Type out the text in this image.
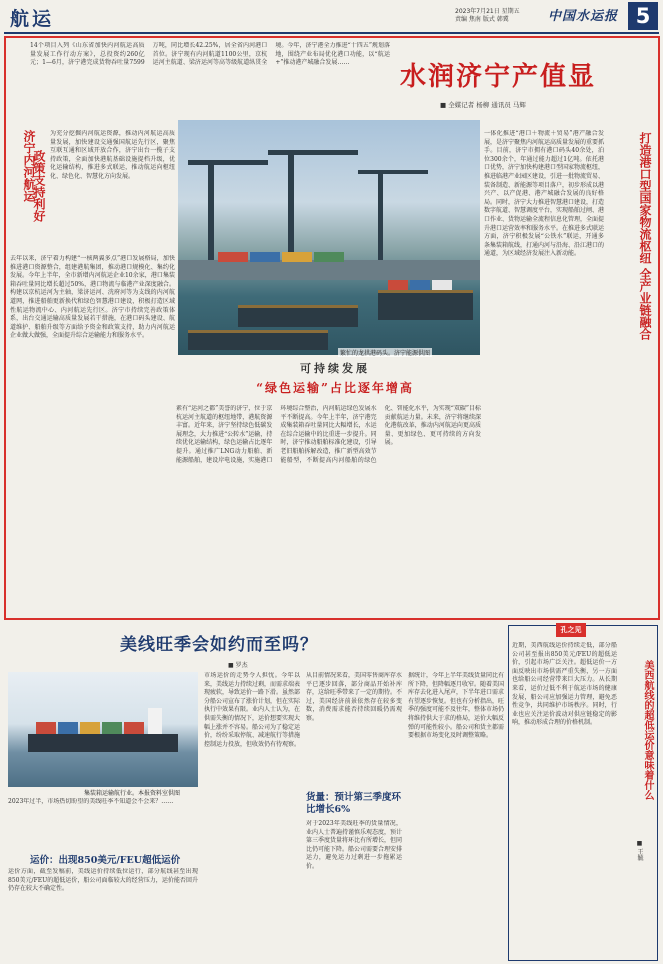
航运	2023年7月21日 星期五
责编 焦南 版式 韩冀	中国水运报 5
14个项目入列《山东省加快内河航运高质量发展工作行动方案》，总投资约260亿元；1—6月，济宁港完成货物吞吐量7599万吨，同比增长42.25%，居全省内河港口首位。济宁现有内河航道1100公里，京杭运河主航道、梁济运河等高等级航道纵贯全境。今年，济宁港全力推进“十四五”规划落地，围绕产业布局优化港口功能，以“航运+”推动港产城融合发展……	水润济宁产值显
■ 全媒记者 杨柳 通讯员 马辉
济宁内河航运
政策支持利好
为充分挖掘内河航运资源，推动内河航运高质量发展，加快建设交通强国航运先行区，聚焦互联互通和区域开放合作，济宁出台一揽子支持政策，全面加快港航基础设施提档升级，优化运输结构，推进多式联运，推动航运向枢纽化、绿色化、智慧化方向发展。
去年以来，济宁着力构建“一核两翼多点”港口发展格局，加快推进港口资源整合，组建港航集团，推动港口规模化、集约化发展。今年上半年，全市新增内河航运企业10余家，港口集装箱吞吐量同比增长超过50%，港口物流与临港产业深度融合。构建以京杭运河为主轴，梁济运河、洸府河等为支线的内河航道网，推进船舶更新换代和绿色智慧港口建设，积极打造区域性航运物流中心、内河航运先行区。济宁市持续完善政策体系，出台交通运输高质量发展若干措施，在港口码头建设、航道维护、船舶升级等方面给予资金和政策支持，助力内河航运企业做大做强，全面提升综合运输能力和服务水平。
繁忙的龙拱港码头。济宁能源供图
一体化推进“港口＋物流＋贸易”港产融合发展，是济宁聚焦内河航运高质量发展的重要抓手。目前，济宁市拥有港口码头40余处，泊位300余个，年通过能力超过1亿吨。依托港口优势，济宁加快构建港口型国家物流枢纽，推进临港产业园区建设，引进一批物流贸易、装备制造、新能源等项目落户，初步形成以港兴产、以产促港、港产城融合发展的良好格局。同时，济宁大力推进智慧港口建设，打造数字航道、智慧调度平台，实现船舶过闸、港口作业、货物运输全流程信息化管理，全面提升港口运营效率和服务水平。在推进多式联运方面，济宁积极发展“公铁水”联运，开通多条集装箱航线，打通内河与沿海、沿江港口的通道，为区域经济发展注入新动能。	打造港口型国家物流枢纽 全产业链融合
可持续发展
“绿色运输”占比逐年增高
素有“运河之都”美誉的济宁，位于京杭运河主航道的枢纽地带，港航资源丰富。近年来，济宁坚持绿色低碳发展理念，大力推进“公转水”运输，持续优化运输结构，绿色运输占比逐年提升。通过推广LNG动力船舶、新能源船舶，建设岸电设施，实施港口环境综合整治，内河航运绿色发展水平不断提高。今年上半年，济宁港完成集装箱吞吐量同比大幅增长，水运在综合运输中的比重进一步提升。同时，济宁推动船舶标准化建设，引导老旧船舶拆解改造，推广新型高效节能船型，不断提高内河船舶的绿色化、智能化水平，为实现“双碳”目标贡献航运力量。未来，济宁将继续深化港航改革，推动内河航运向更高质量、更加绿色、更可持续的方向发展。
美线旺季会如约而至吗？
■ 罗杰
集装箱运输航行业。本报资料室供图
2023年过半，市场热切盼望的美线旺季不知道会不会来？……
运价：出现850美元/FEU超低运价
运价方面，截至发稿前，美线运价持续低位运行，部分航线甚至出现850美元/FEU的超低运价，船公司面临较大的经营压力，运价能否回升仍存在较大不确定性。
市场运价的走势令人担忧。今年以来，美线运力持续过剩，而需求端表现疲软，导致运价一路下滑。虽然部分船公司宣布了涨价计划，但在实际执行中效果有限。业内人士认为，在供需失衡的情况下，运价想要实现大幅上涨并不容易。船公司为了稳定运价，纷纷采取停航、减速航行等措施控制运力投放，但收效仍有待观察。
从目前情况来看，美国零售商库存水平已逐步回落，部分商品开始补库存，这给旺季带来了一定的期待。不过，美国经济前景依然存在较多变数，消费需求能否持续回暖仍需观察。
货量：预计第三季度环比增长6%
对于2023年美线旺季的货量情况，业内人士普遍持谨慎乐观态度，预计第三季度货量将环比有所增长，但同比仍可能下降。船公司需要合理安排运力，避免运力过剩进一步拖累运价。
据统计，今年上半年美线货量同比有所下降，但降幅逐月收窄。随着美国库存去化进入尾声，下半年进口需求有望逐步恢复。但也有分析指出，旺季的强度可能不及往年，整体市场仍将维持供大于求的格局，运价大幅反弹的可能性较小。船公司和货主都需要根据市场变化及时调整策略。
孔之见
近期，美西航线运价持续走低，部分船公司甚至报出850美元/FEU的超低运价，引起市场广泛关注。超低运价一方面反映出市场供需严重失衡，另一方面也给船公司经营带来巨大压力。从长期来看，运价过低不利于航运市场的健康发展，船公司应加强运力管理，避免恶性竞争，共同维护市场秩序。同时，行业也应关注运价波动对供应链稳定的影响，推动形成合理的价格机制。	美西航线的超低运价意味着什么
■ 王毓
